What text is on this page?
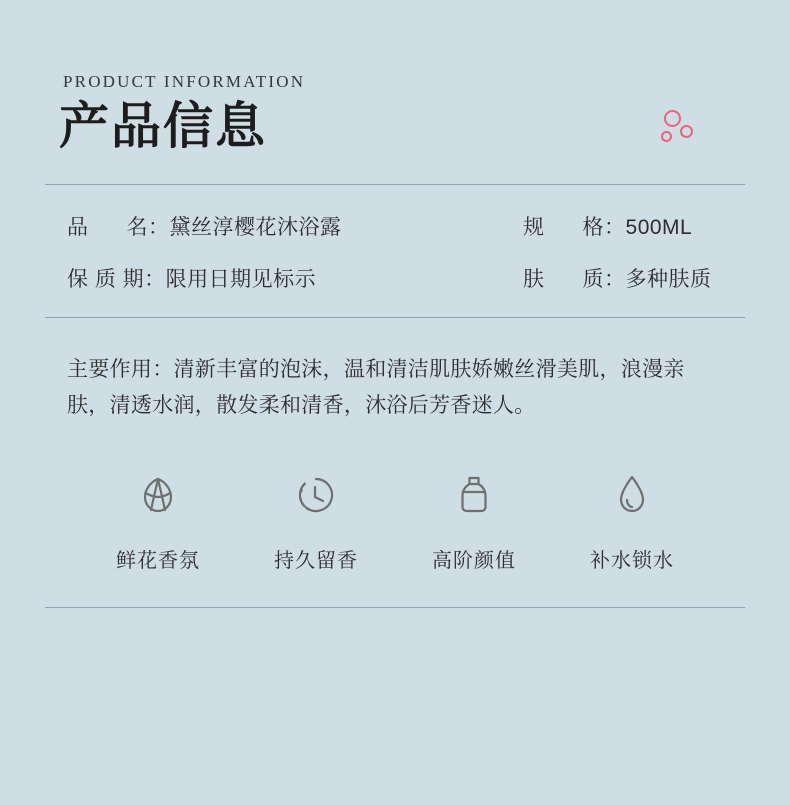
PRODUCT INFORMATION

产品信息
品      名： 黛丝淳樱花沐浴露	规      格： 500ML
保 质 期： 限用日期见标示	肤      质： 多种肤质
主要作用：清新丰富的泡沫，温和清洁肌肤娇嫩丝滑美肌，浪漫亲肤，清透水润，散发柔和清香，沐浴后芳香迷人。
鲜花香氛	持久留香	高阶颜值	补水锁水
